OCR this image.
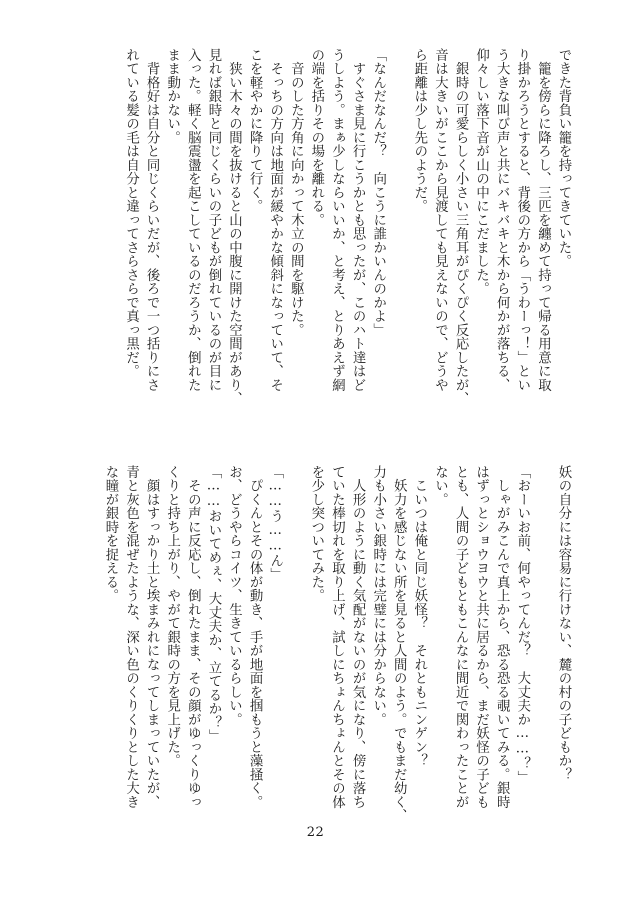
できた背負い籠を持ってきていた。
　籠を傍らに降ろし、三匹を纏めて持って帰る用意に取
り掛かろうとすると、背後の方から「うわーっ！」とい
う大きな叫び声と共にバキバキと木から何かが落ちる、
仰々しい落下音が山の中にこだました。
　銀時の可愛らしく小さい三角耳がぴくぴく反応したが、
音は大きいがここから見渡しても見えないので、どうや
ら距離は少し先のようだ。

「なんだなんだ？　向こうに誰かいんのかよ」
　すぐさま見に行こうかとも思ったが、このハト達はど
うしよう。まぁ少しならいいか、と考え、とりあえず網
の端を括りその場を離れる。
　音のした方角に向かって木立の間を駆けた。
　そっちの方向は地面が緩やかな傾斜になっていて、そ
こを軽やかに降りて行く。
　狭い木々の間を抜けると山の中腹に開けた空間があり、
見れば銀時と同じくらいの子どもが倒れているのが目に
入った。軽く脳震盪を起こしているのだろうか、倒れた
まま動かない。
　背格好は自分と同じくらいだが、後ろで一つ括りにさ
れている髪の毛は自分と違ってさらさらで真っ黒だ。
妖の自分には容易に行けない、麓の村の子どもか？

「おーいお前、何やってんだ？　大丈夫か……？」
　しゃがみこんで真上から、恐る恐る覗いてみる。銀時
はずっとショウヨウと共に居るから、まだ妖怪の子ども
とも、人間の子どもともこんなに間近で関わったことが
ない。
　こいつは俺と同じ妖怪？　それともニンゲン？
　妖力を感じない所を見ると人間のよう。でもまだ幼く、
力も小さい銀時には完璧には分からない。
　人形のように動く気配がないのが気になり、傍に落ち
ていた棒切れを取り上げ、試しにちょんちょんとその体
を少し突ついてみた。

「……う……ん」
　ぴくんとその体が動き、手が地面を掴もうと藻掻く。
お、どうやらコイツ、生きているらしい。
「……おいてめぇ、大丈夫か、立てるか？」
　その声に反応し、倒れたまま、その顔がゆっくりゆっ
くりと持ち上がり、やがて銀時の方を見上げた。
　顔はすっかり土と埃まみれになってしまっていたが、
青と灰色を混ぜたような、深い色のくりくりとした大き
な瞳が銀時を捉える。
22
